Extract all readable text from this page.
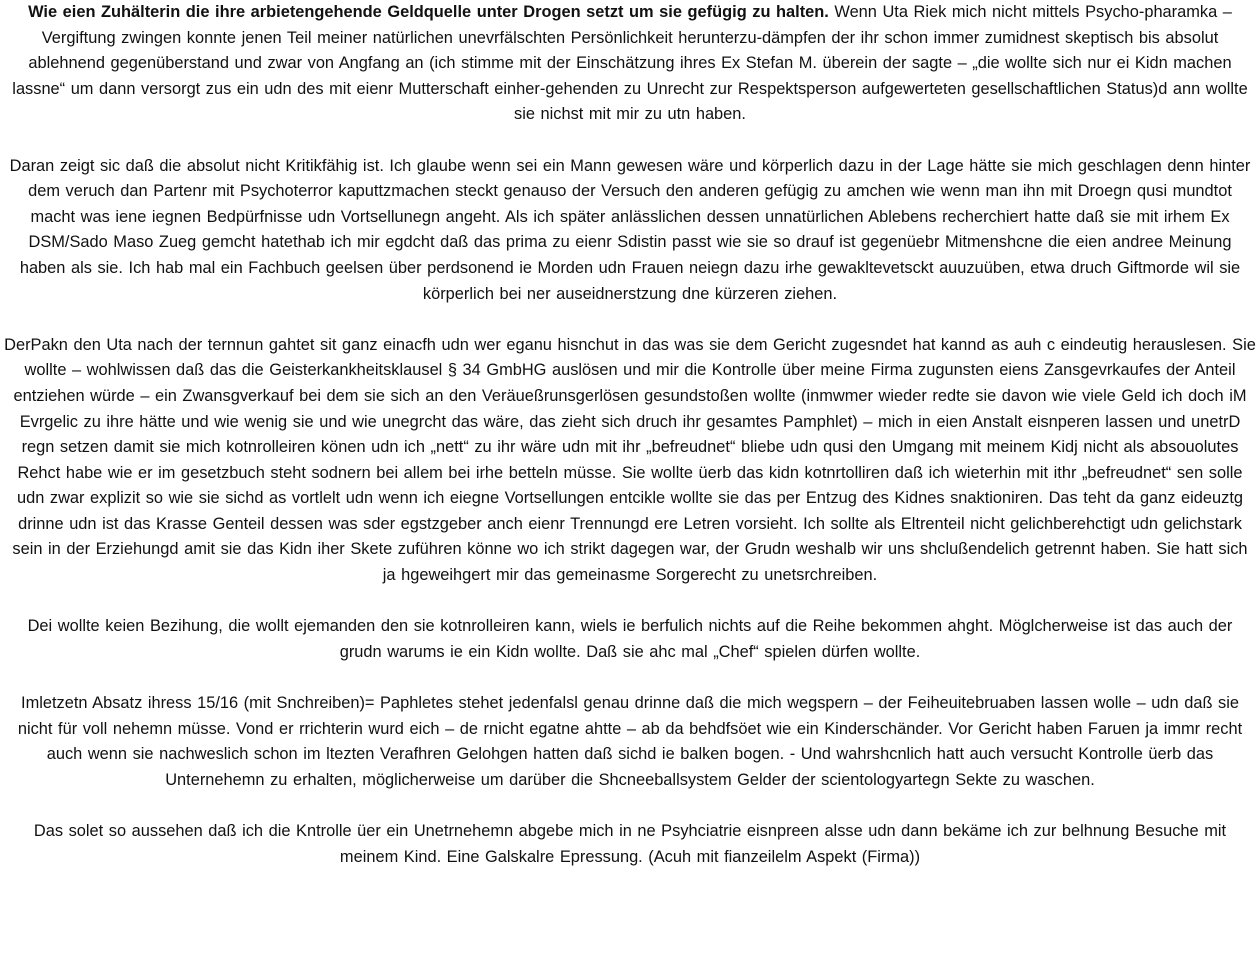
Wie eien Zuhälterin die ihre arbietengehende Geldquelle unter Drogen setzt um sie gefügig zu halten. Wenn Uta Riek mich nicht mittels Psycho-pharamka – Vergiftung zwingen konnte jenen Teil meiner natürlichen unevrfälschten Persönlichkeit herunterzu-dämpfen der ihr schon immer zumidnest skeptisch bis absolut ablehnend gegenüberstand und zwar von Angfang an (ich stimme mit der Einschätzung ihres Ex Stefan M. überein der sagte – „die wollte sich nur ei Kidn machen lassne“ um dann versorgt zus ein udn des mit eienr Mutterschaft einher-gehenden zu Unrecht zur Respektsperson aufgewerteten gesellschaftlichen Status)d ann wollte sie nichst mit mir zu utn haben.

Daran zeigt sic daß die absolut nicht Kritikfähig ist. Ich glaube wenn sei ein Mann gewesen wäre und körperlich dazu in der Lage hätte sie mich geschlagen denn hinter dem veruch dan Partenr mit Psychoterror kaputtzmachen steckt genauso der Versuch den anderen gefügig zu amchen wie wenn man ihn mit Droegn qusi mundtot macht was iene iegnen Bedpürfnisse udn Vortsellunegn angeht. Als ich später anlässlichen dessen unnatürlichen Ablebens recherchiert hatte daß sie mit irhem Ex DSM/Sado Maso Zueg gemcht hatethab ich mir egdcht daß das prima zu eienr Sdistin passt wie sie so drauf ist gegenüebr Mitmenshcne die eien andree Meinung haben als sie. Ich hab mal ein Fachbuch geelsen über perdsonend ie Morden udn Frauen neiegn dazu irhe gewakltevetsckt auuzuüben, etwa druch Giftmorde wil sie körperlich bei ner auseidnerstzung dne kürzeren ziehen.

DerPakn den Uta nach der ternnun gahtet sit ganz einacfh udn wer eganu hisnchut in das was sie dem Gericht zugesndet hat kannd as auh c eindeutig herauslesen. Sie wollte – wohlwissen daß das die Geisterkankheitsklausel § 34 GmbHG auslösen und mir die Kontrolle über meine Firma zugunsten eiens Zansgevrkaufes der Anteil entziehen würde – ein Zwansgverkauf bei dem sie sich an den Veräueßrunsgerlösen gesundstoßen wollte (inmwmer wieder redte sie davon wie viele Geld ich doch iM Evrgelic zu ihre hätte und wie wenig sie und wie unegrcht das wäre, das zieht sich druch ihr gesamtes Pamphlet) – mich in eien Anstalt eisnperen lassen und unetrD regn setzen damit sie mich kotnrolleiren könen udn ich „nett“ zu ihr wäre udn mit ihr „befreudnet“ bliebe udn qusi den Umgang mit meinem Kidj nicht als absouolutes Rehct habe wie er im gesetzbuch steht sodnern bei allem bei irhe betteln müsse. Sie wollte üerb das kidn kotnrtolliren daß ich wieterhin mit ithr „befreudnet“ sen solle udn zwar explizit so wie sie sichd as vortlelt udn wenn ich eiegne Vortsellungen entcikle wollte sie das per Entzug des Kidnes snaktioniren. Das teht da ganz eideuztg drinne udn ist das Krasse Genteil dessen was sder egstzgeber anch eienr Trennungd ere Letren vorsieht. Ich sollte als Eltrenteil nicht gelichberehctigt udn gelichstark sein in der Erziehungd amit sie das Kidn iher Skete zuführen könne wo ich strikt dagegen war, der Grudn weshalb wir uns shclußendelich getrennt haben. Sie hatt sich ja hgeweihgert mir das gemeinasme Sorgerecht zu unetsrchreiben.

Dei wollte keien Bezihung, die wollt ejemanden den sie kotnrolleiren kann, wiels ie berfulich nichts auf die Reihe bekommen ahght. Möglcherweise ist das auch der grudn warums ie ein Kidn wollte. Daß sie ahc mal „Chef“ spielen dürfen wollte.

Imletzetn Absatz ihress 15/16 (mit Snchreiben)= Paphletes stehet jedenfalsl genau drinne daß die mich wegspern – der Feiheuitebruaben lassen wolle – udn daß sie nicht für voll nehemn müsse. Vond er rrichterin wurd eich – de rnicht egatne ahtte – ab da behdfsöet wie ein Kinderschänder. Vor Gericht haben Faruen ja immr recht auch wenn sie nachweslich schon im ltezten Verafhren Gelohgen hatten daß sichd ie balken bogen. - Und wahrshcnlich hatt auch versucht Kontrolle üerb das Unternehemn zu erhalten, möglicherweise um darüber die Shcneeballsystem Gelder der scientologyartegn Sekte zu waschen.

Das solet so aussehen daß ich die Kntrolle üer ein Unetrnehemn abgebe mich in ne Psyhciatrie eisnpreen alsse udn dann bekäme ich zur belhnung Besuche mit meinem Kind. Eine Galskalre Epressung. (Acuh mit fianzeilelm Aspekt (Firma))
